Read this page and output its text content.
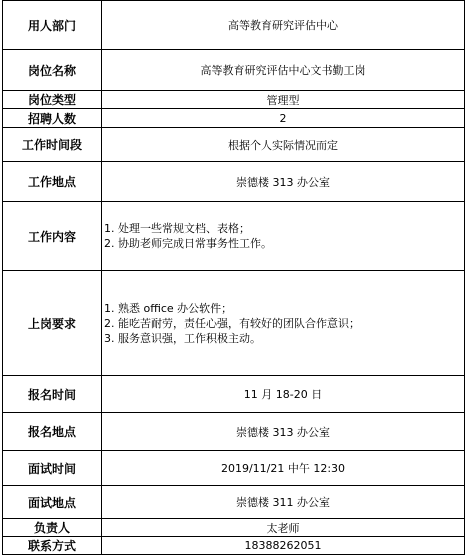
用人部门	高等教育研究评估中心
岗位名称	高等教育研究评估中心文书勤工岗
岗位类型	管理型
招聘人数	2
工作时间段	根据个人实际情况而定
工作地点	崇德楼 313 办公室
工作内容	1. 处理一些常规文档、表格；
2. 协助老师完成日常事务性工作。

上岗要求	1. 熟悉 office 办公软件；
2. 能吃苦耐劳，责任心强，有较好的团队合作意识；
3. 服务意识强，工作积极主动。

报名时间	11 月 18-20 日
报名地点	崇德楼 313 办公室
面试时间	2019/11/21 中午 12:30
面试地点	崇德楼 311 办公室
负责人	太老师
联系方式	18388262051
